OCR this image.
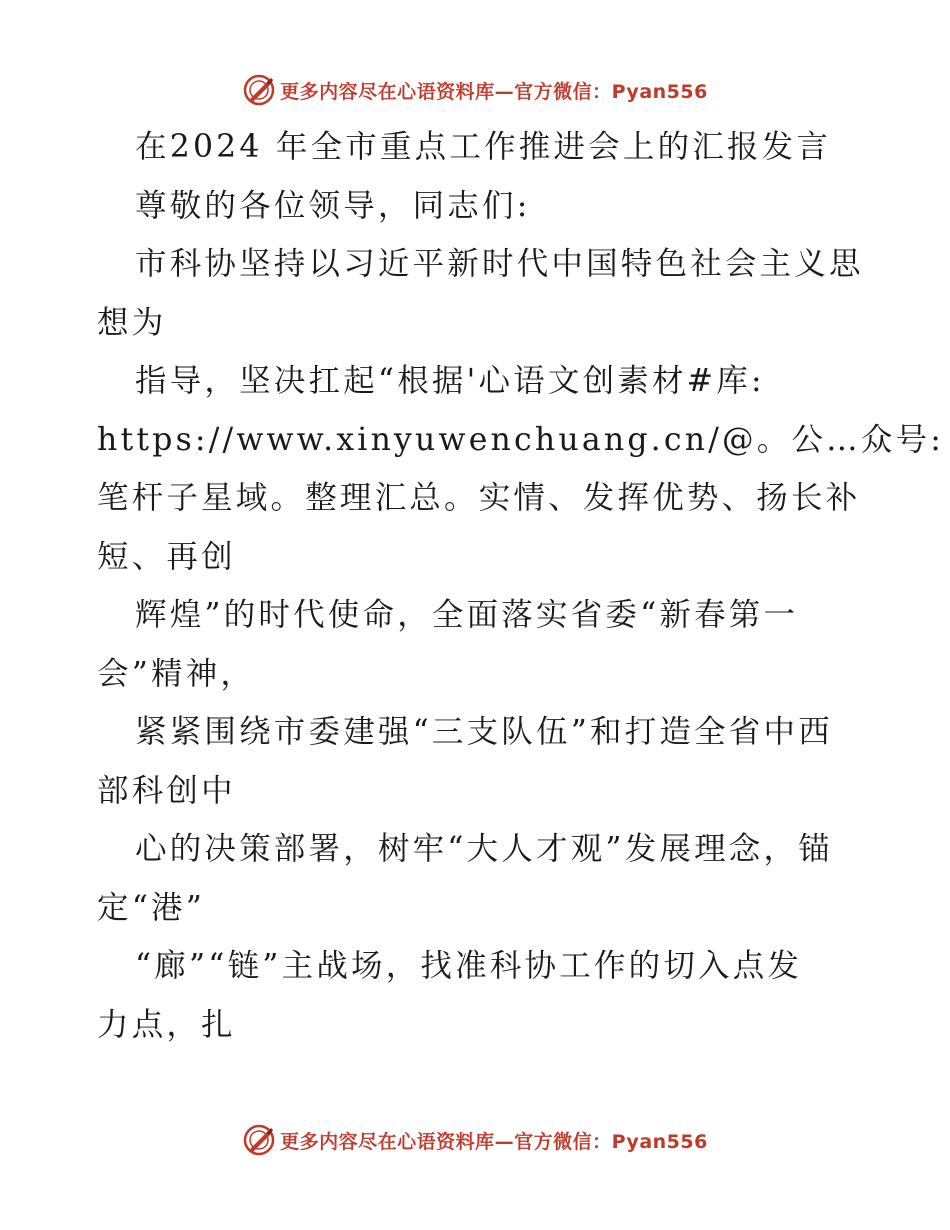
更多内容尽在心语资料库—官方微信：Pyan556
在2024 年全市重点工作推进会上的汇报发言
尊敬的各位领导，同志们:
市科协坚持以习近平新时代中国特色社会主义思
想为
指导，坚决扛起“根据'心语文创素材#库:
https://www.xinyuwenchuang.cn/@。公…众号:
笔杆子星域。整理汇总。实情、发挥优势、扬长补
短、再创
辉煌”的时代使命，全面落实省委“新春第一
会”精神，
紧紧围绕市委建强“三支队伍”和打造全省中西
部科创中
心的决策部署，树牢“大人才观”发展理念，锚
定“港”
“廊”“链”主战场，找准科协工作的切入点发
力点，扎
更多内容尽在心语资料库—官方微信：Pyan556
